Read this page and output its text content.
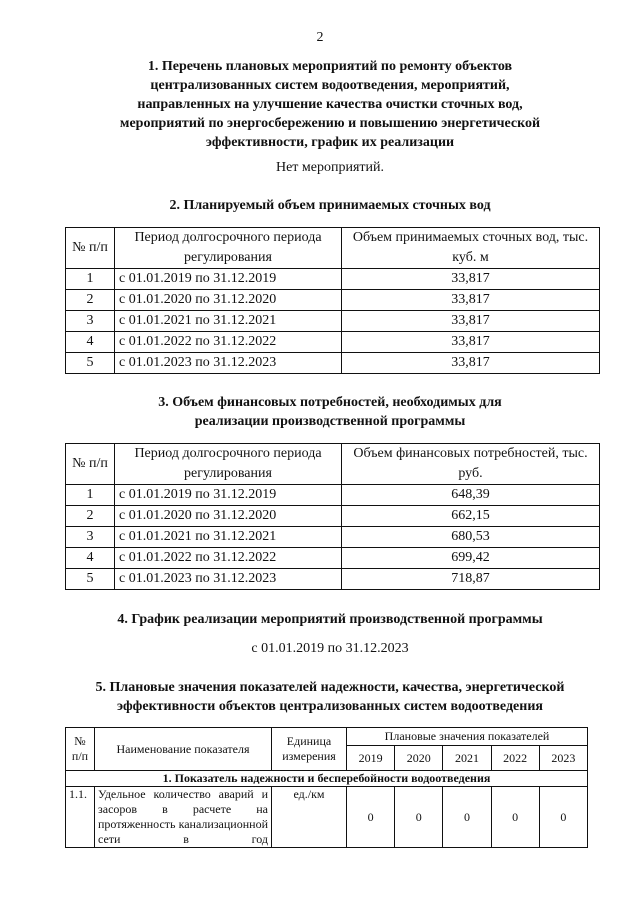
2
1. Перечень плановых мероприятий по ремонту объектов
централизованных систем водоотведения, мероприятий,
направленных на улучшение качества очистки сточных вод,
мероприятий по энергосбережению и повышению энергетической
эффективности, график их реализации
Нет мероприятий.
2. Планируемый объем принимаемых сточных вод
№ п/п	Период долгосрочного периода регулирования	Объем принимаемых сточных вод, тыс. куб. м
1	с 01.01.2019 по 31.12.2019	33,817
2	с 01.01.2020 по 31.12.2020	33,817
3	с 01.01.2021 по 31.12.2021	33,817
4	с 01.01.2022 по 31.12.2022	33,817
5	с 01.01.2023 по 31.12.2023	33,817
3. Объем финансовых потребностей, необходимых для
реализации производственной программы
№ п/п	Период долгосрочного периода регулирования	Объем финансовых потребностей, тыс. руб.
1	с 01.01.2019 по 31.12.2019	648,39
2	с 01.01.2020 по 31.12.2020	662,15
3	с 01.01.2021 по 31.12.2021	680,53
4	с 01.01.2022 по 31.12.2022	699,42
5	с 01.01.2023 по 31.12.2023	718,87
4. График реализации мероприятий производственной программы
с 01.01.2019 по 31.12.2023
5. Плановые значения показателей надежности, качества, энергетической
эффективности объектов централизованных систем водоотведения
№ п/п	Наименование показателя	Единица измерения	Плановые значения показателей				
			2019	2020	2021	2022	2023
1. Показатель надежности и бесперебойности водоотведения							
1.1.	Удельное количество аварий и засоров в расчете на протяженность канализационной сети в год	ед./км	0	0	0	0	0
